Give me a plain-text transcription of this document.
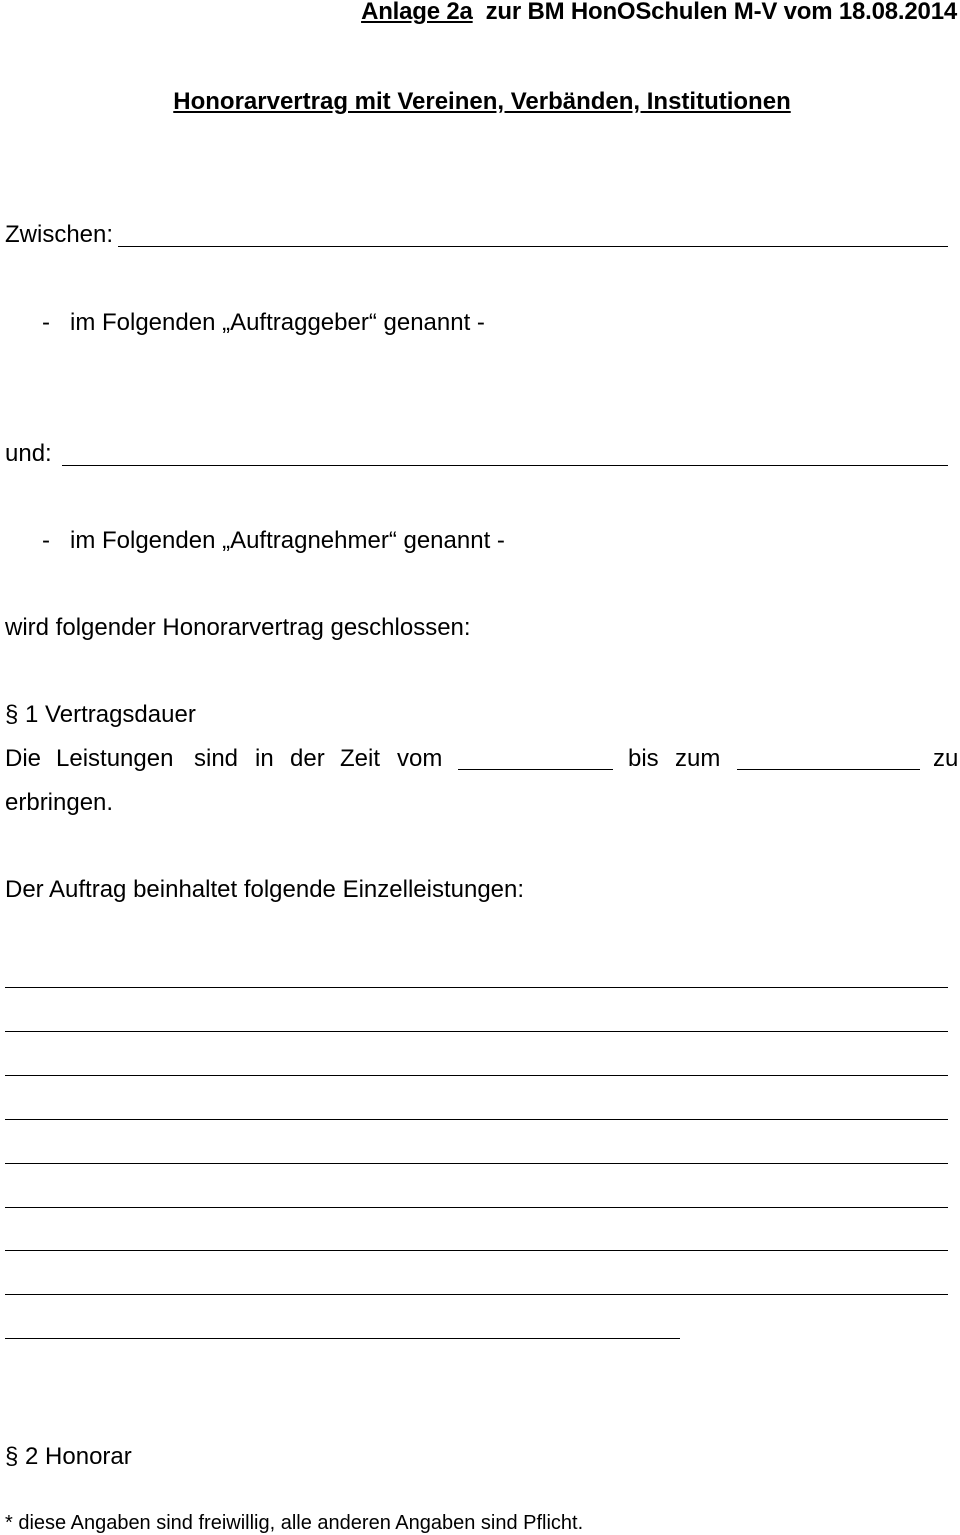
Anlage 2a zur BM HonOSchulen M-V vom 18.08.2014
Honorarvertrag mit Vereinen, Verbänden, Institutionen
Zwischen:
-   im Folgenden „Auftraggeber“ genannt -
und:
-   im Folgenden „Auftragnehmer“ genannt -
wird folgender Honorarvertrag geschlossen:
§ 1 Vertragsdauer
Die Leistungen sind in der Zeit vom	bis zum	zu
erbringen.
Der Auftrag beinhaltet folgende Einzelleistungen:
§ 2 Honorar
* diese Angaben sind freiwillig, alle anderen Angaben sind Pflicht.
